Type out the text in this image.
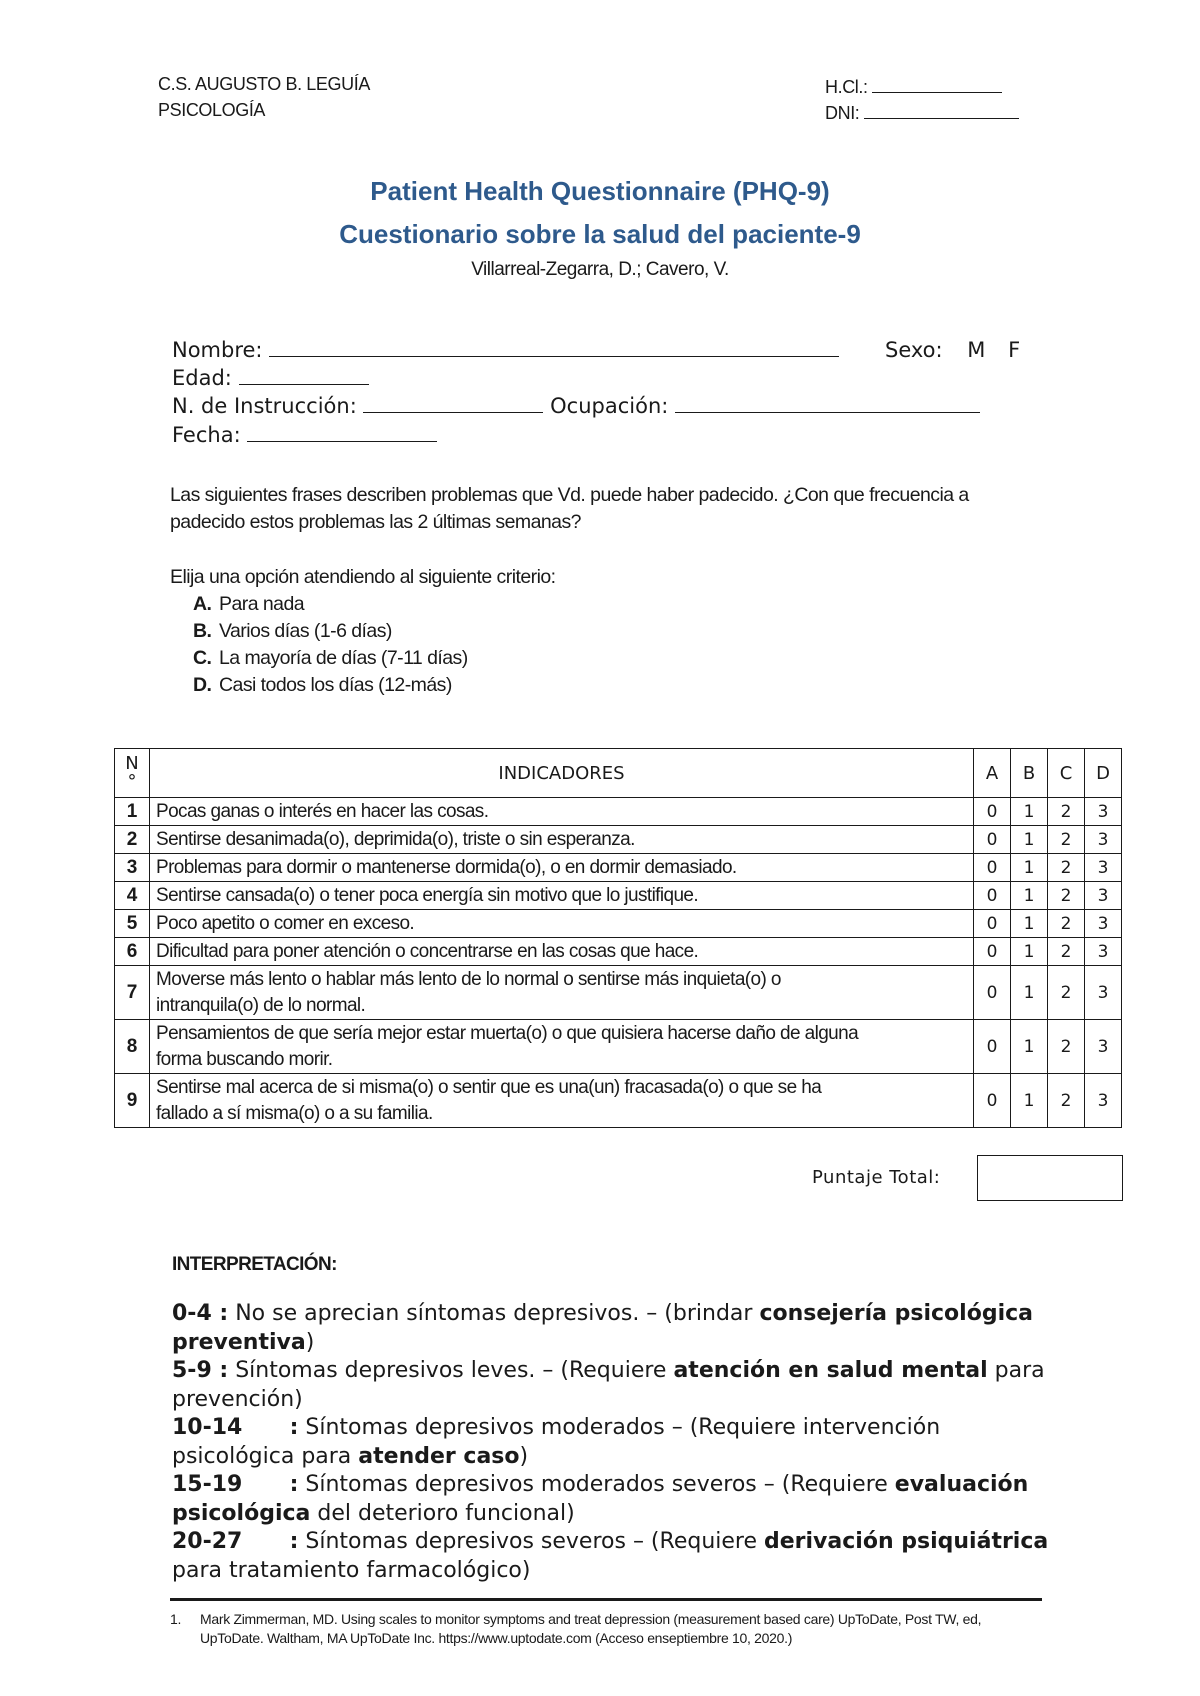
C.S. AUGUSTO B. LEGUÍA
PSICOLOGÍA
H.Cl.:
DNI:
Patient Health Questionnaire (PHQ-9)
Cuestionario sobre la salud del paciente-9
Villarreal-Zegarra, D.; Cavero, V.
Nombre:	Sexo: M F
Edad:
N. de Instrucción:	Ocupación:
Fecha:
Las siguientes frases describen problemas que Vd. puede haber padecido. ¿Con que frecuencia a
padecido estos problemas las 2 últimas semanas?
Elija una opción atendiendo al siguiente criterio:
A. Para nada
B. Varios días (1-6 días)
C. La mayoría de días (7-11 días)
D. Casi todos los días (12-más)
N
°	INDICADORES	A	B	C	D
1	Pocas ganas o interés en hacer las cosas.	0	1	2	3
2	Sentirse desanimada(o), deprimida(o), triste o sin esperanza.	0	1	2	3
3	Problemas para dormir o mantenerse dormida(o), o en dormir demasiado.	0	1	2	3
4	Sentirse cansada(o) o tener poca energía sin motivo que lo justifique.	0	1	2	3
5	Poco apetito o comer en exceso.	0	1	2	3
6	Dificultad para poner atención o concentrarse en las cosas que hace.	0	1	2	3
7	Moverse más lento o hablar más lento de lo normal o sentirse más inquieta(o) o
intranquila(o) de lo normal.	0	1	2	3
8	Pensamientos de que sería mejor estar muerta(o) o que quisiera hacerse daño de alguna
forma buscando morir.	0	1	2	3
9	Sentirse mal acerca de si misma(o) o sentir que es una(un) fracasada(o) o que se ha
fallado a sí misma(o) o a su familia.	0	1	2	3
Puntaje Total:
INTERPRETACIÓN:

0-4 : No se aprecian síntomas depresivos. – (brindar consejería psicológica preventiva)

5-9 : Síntomas depresivos leves. – (Requiere atención en salud mental para prevención)

10-14 : Síntomas depresivos moderados – (Requiere intervención psicológica para atender caso)

15-19 : Síntomas depresivos moderados severos – (Requiere evaluación psicológica del deterioro funcional)

20-27 : Síntomas depresivos severos – (Requiere derivación psiquiátrica para tratamiento farmacológico)

1. Mark Zimmerman, MD. Using scales to monitor symptoms and treat depression (measurement based care) UpToDate, Post TW, ed,
UpToDate. Waltham, MA UpToDate Inc. https://www.uptodate.com (Acceso enseptiembre 10, 2020.)
